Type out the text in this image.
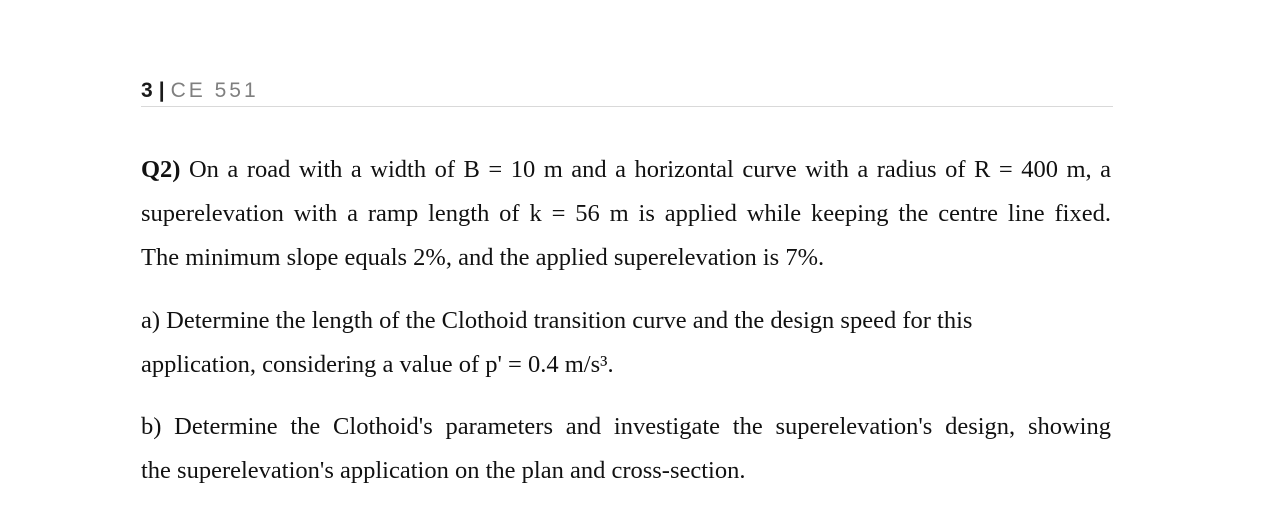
3 | CE 551
Q2) On a road with a width of B = 10 m and a horizontal curve with a radius of R = 400 m, a
superelevation with a ramp length of k = 56 m is applied while keeping the centre line fixed.
The minimum slope equals 2%, and the applied superelevation is 7%.
a) Determine the length of the Clothoid transition curve and the design speed for this
application, considering a value of p' = 0.4 m/s³.
b) Determine the Clothoid's parameters and investigate the superelevation's design, showing
the superelevation's application on the plan and cross-section.
